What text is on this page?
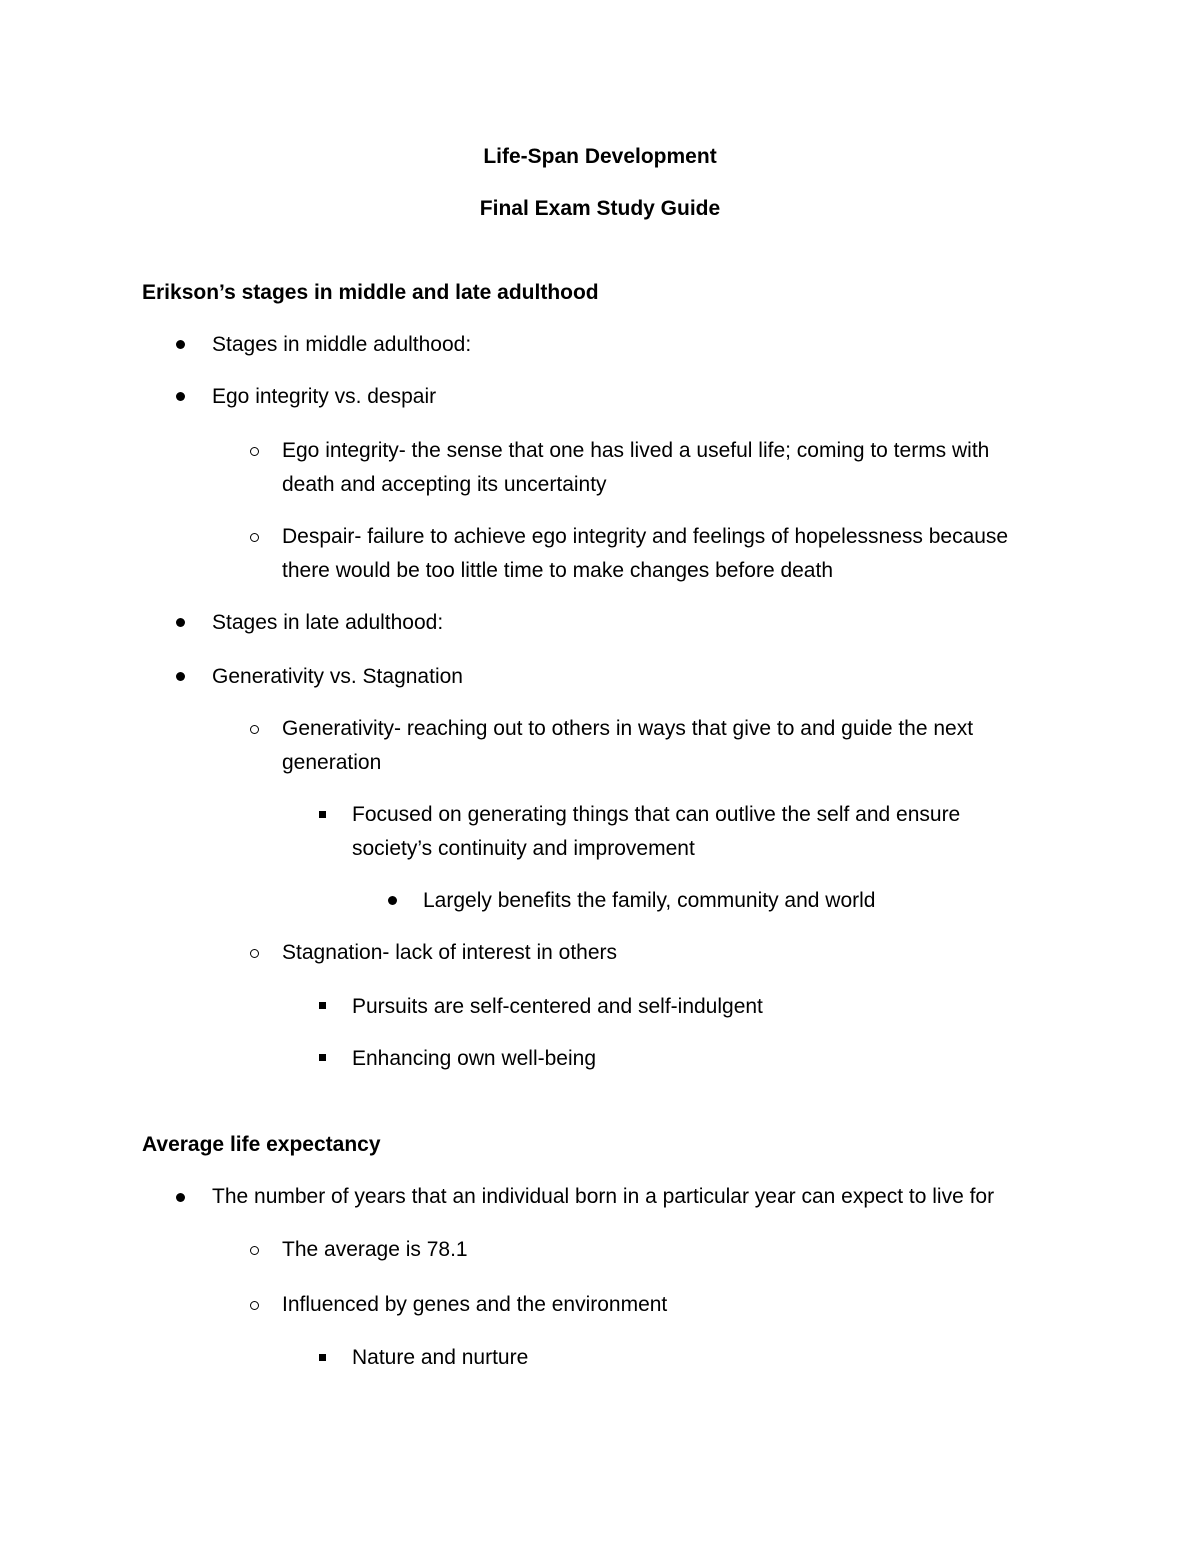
Life-Span Development
Final Exam Study Guide
Erikson’s stages in middle and late adulthood
Stages in middle adulthood:
Ego integrity vs. despair
Ego integrity- the sense that one has lived a useful life; coming to terms with
death and accepting its uncertainty
Despair- failure to achieve ego integrity and feelings of hopelessness because
there would be too little time to make changes before death
Stages in late adulthood:
Generativity vs. Stagnation
Generativity- reaching out to others in ways that give to and guide the next
generation
Focused on generating things that can outlive the self and ensure
society’s continuity and improvement
Largely benefits the family, community and world
Stagnation- lack of interest in others
Pursuits are self-centered and self-indulgent
Enhancing own well-being
Average life expectancy
The number of years that an individual born in a particular year can expect to live for
The average is 78.1
Influenced by genes and the environment
Nature and nurture
